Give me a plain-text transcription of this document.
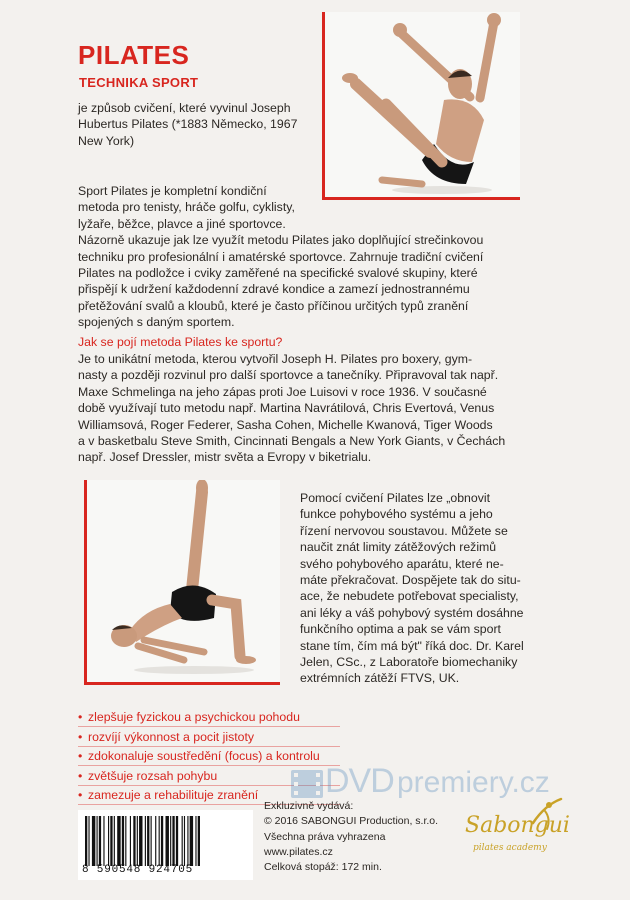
PILATES
TECHNIKA SPORT

je způsob cvičení, které vyvinul Joseph
Hubertus Pilates (*1883 Německo, 1967
New York)

Sport Pilates je kompletní kondiční
metoda pro tenisty, hráče golfu, cyklisty,
lyžaře, běžce, plavce a jiné sportovce.
Názorně ukazuje jak lze využít metodu Pilates jako doplňující strečinkovou
techniku pro profesionální i amatérské sportovce. Zahrnuje tradiční cvičení
Pilates na podložce i cviky zaměřené na specifické svalové skupiny, které
přispějí k udržení každodenní zdravé kondice a zamezí jednostrannému
přetěžování svalů a kloubů, které je často příčinou určitých typů zranění
spojených s daným sportem.

Jak se pojí metoda Pilates ke sportu?

Je to unikátní metoda, kterou vytvořil Joseph H. Pilates pro boxery, gym-
nasty a později rozvinul pro další sportovce a tanečníky. Připravoval tak např.
Maxe Schmelinga na jeho zápas proti Joe Luisovi v roce 1936. V současné
době využívají tuto metodu např. Martina Navrátilová, Chris Evertová, Venus
Williamsová, Roger Federer, Sasha Cohen, Michelle Kwanová, Tiger Woods
a v basketbalu Steve Smith, Cincinnati Bengals a New York Giants, v Čechách
např. Josef Dressler, mistr světa a Evropy v biketrialu.

Pomocí cvičení Pilates lze „obnovit
funkce pohybového systému a jeho
řízení nervovou soustavou. Můžete se
naučit znát limity zátěžových režimů
svého pohybového aparátu, které ne-
máte překračovat. Dospějete tak do situ-
ace, že nebudete potřebovat specialisty,
ani léky a váš pohybový systém dosáhne
funkčního optima a pak se vám sport
stane tím, čím má být" říká doc. Dr. Karel
Jelen, CSc., z Laboratoře biomechaniky
extrémních zátěží FTVS, UK.

• zlepšuje fyzickou a psychickou pohodu
• rozvíjí výkonnost a pocit jistoty
• zdokonaluje soustředění (focus) a kontrolu
• zvětšuje rozsah pohybu
• zamezuje a rehabilituje zranění	DVD premiery.cz
8 590548 924705

Exkluzivně vydává:
© 2016 SABONGUI Production, s.r.o.
Všechna práva vyhrazena
www.pilates.cz
Celková stopáž: 172 min.

Sabongui
pilates academy
